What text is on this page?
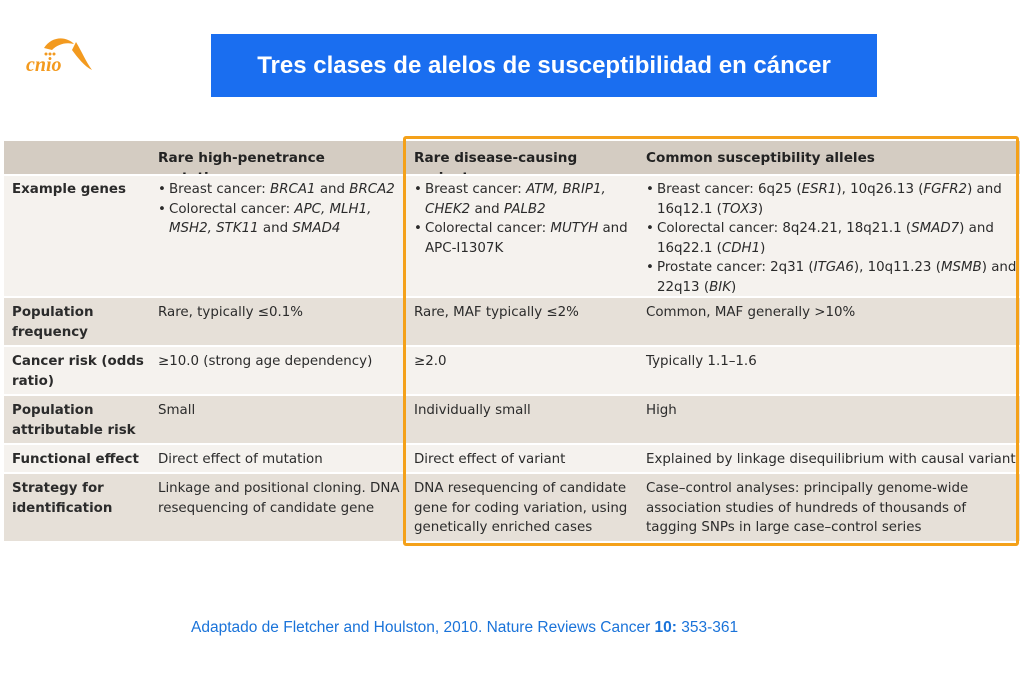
cnio	Tres clases de alelos de susceptibilidad en cáncer
Rare high-penetrance	Rare disease-causing	Common susceptibility alleles
Example genes
•	Breast cancer: BRCA1 and BRCA2
• Colorectal cancer: APC, MLH1, MSH2, STK11 and SMAD4
• Breast cancer: ATM, BRIP1, CHEK2 and PALB2
• Colorectal cancer: MUTYH and APC-I1307K
• Breast cancer: 6q25 (ESR1), 10q26.13 (FGFR2) and 16q12.1 (TOX3)
• Colorectal cancer: 8q24.21, 18q21.1 (SMAD7) and 16q22.1 (CDH1)
• Prostate cancer: 2q31 (ITGA6), 10q11.23 (MSMB) and 22q13 (BIK)
Population frequency
Rare, typically ≤0.1%	Rare, MAF typically ≤2%	Common, MAF generally >10%
Cancer risk (odds ratio)
≥10.0 (strong age dependency)	≥2.0	Typically 1.1–1.6
Population attributable risk
Small	Individually small	High
Functional effect	Direct effect of mutation	Direct effect of variant	Explained by linkage disequilibrium with causal variant
Strategy for identification
Linkage and positional cloning. DNA resequencing of candidate gene
DNA resequencing of candidate gene for coding variation, using genetically enriched cases
Case–control analyses: principally genome-wide association studies of hundreds of thousands of tagging SNPs in large case–control series
Adaptado de Fletcher and Houlston, 2010. Nature Reviews Cancer 10: 353-361
